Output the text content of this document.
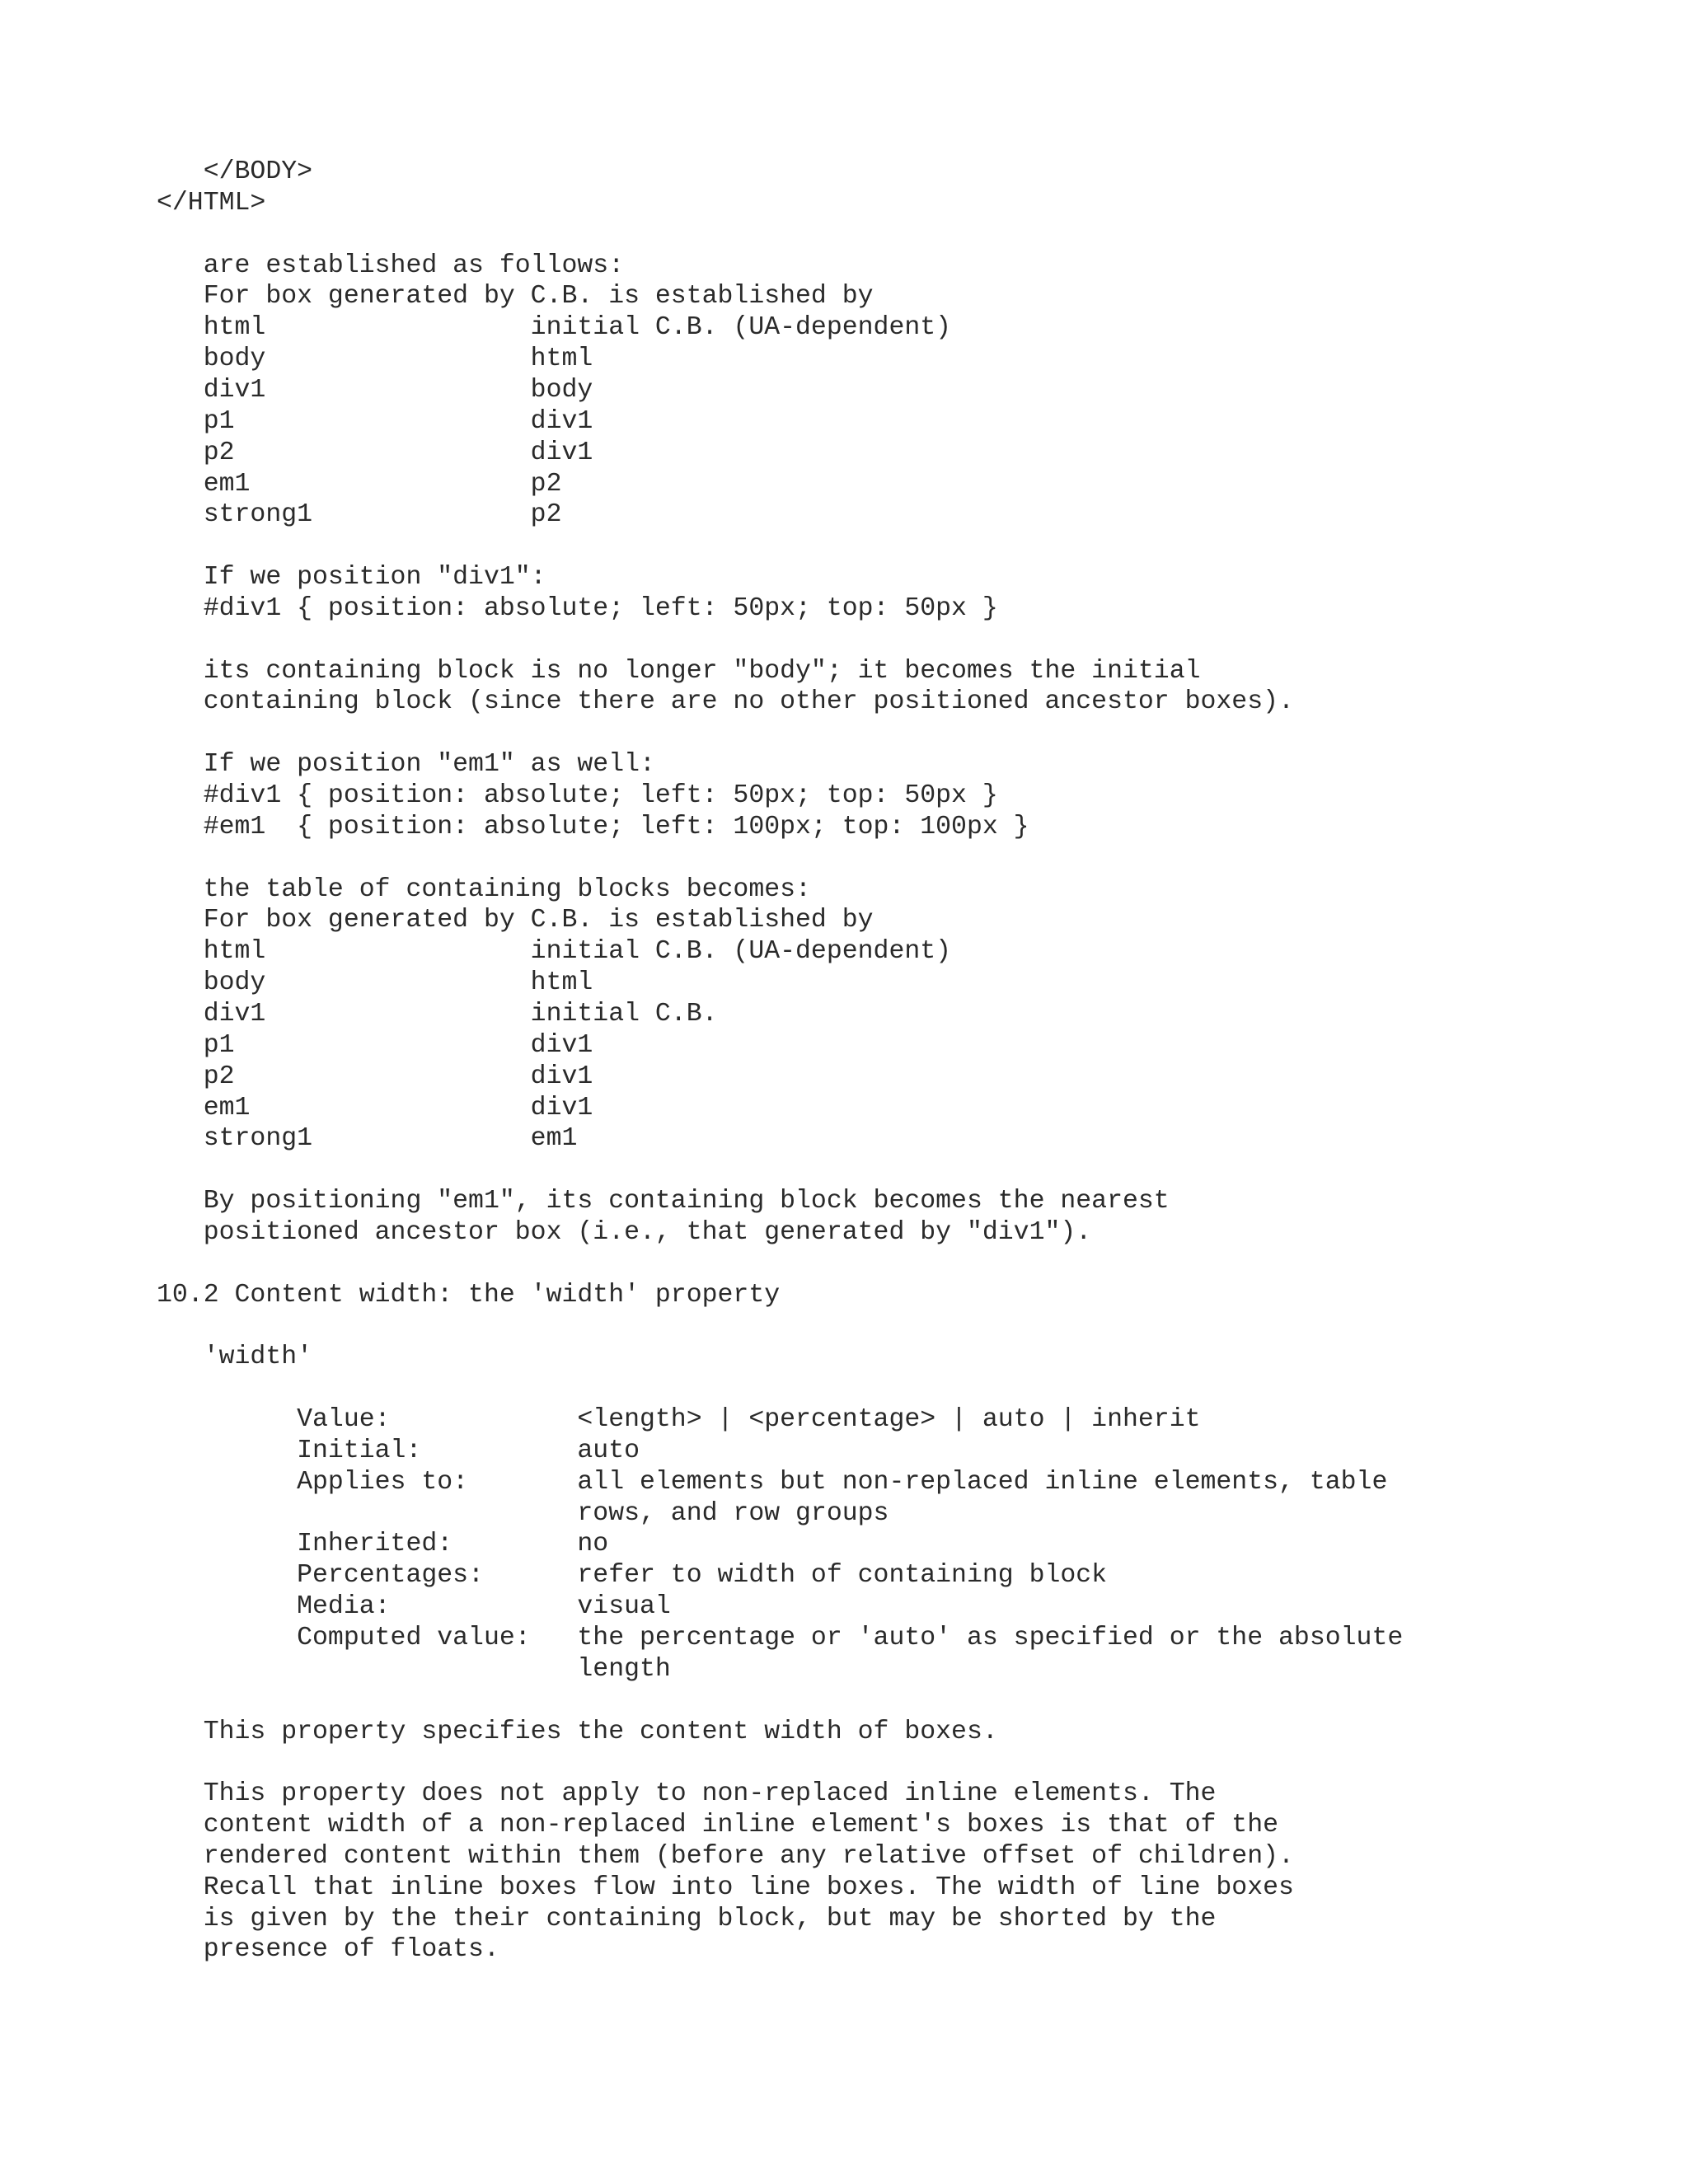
</BODY>
</HTML>
are established as follows:
For box generated by C.B. is established by
html                 initial C.B. (UA-dependent)
body                 html
div1                 body
p1                   div1
p2                   div1
em1                  p2
strong1              p2
If we position "div1":
#div1 { position: absolute; left: 50px; top: 50px }
its containing block is no longer "body"; it becomes the initial
containing block (since there are no other positioned ancestor boxes).
If we position "em1" as well:
#div1 { position: absolute; left: 50px; top: 50px }
#em1  { position: absolute; left: 100px; top: 100px }
the table of containing blocks becomes:
For box generated by C.B. is established by
html                 initial C.B. (UA-dependent)
body                 html
div1                 initial C.B.
p1                   div1
p2                   div1
em1                  div1
strong1              em1
By positioning "em1", its containing block becomes the nearest
positioned ancestor box (i.e., that generated by "div1").
10.2 Content width: the 'width' property
'width'
Value:            <length> | <percentage> | auto | inherit
Initial:          auto
Applies to:       all elements but non-replaced inline elements, table
rows, and row groups
Inherited:        no
Percentages:      refer to width of containing block
Media:            visual
Computed value:   the percentage or 'auto' as specified or the absolute
length
This property specifies the content width of boxes.
This property does not apply to non-replaced inline elements. The
content width of a non-replaced inline element's boxes is that of the
rendered content within them (before any relative offset of children).
Recall that inline boxes flow into line boxes. The width of line boxes
is given by the their containing block, but may be shorted by the
presence of floats.
